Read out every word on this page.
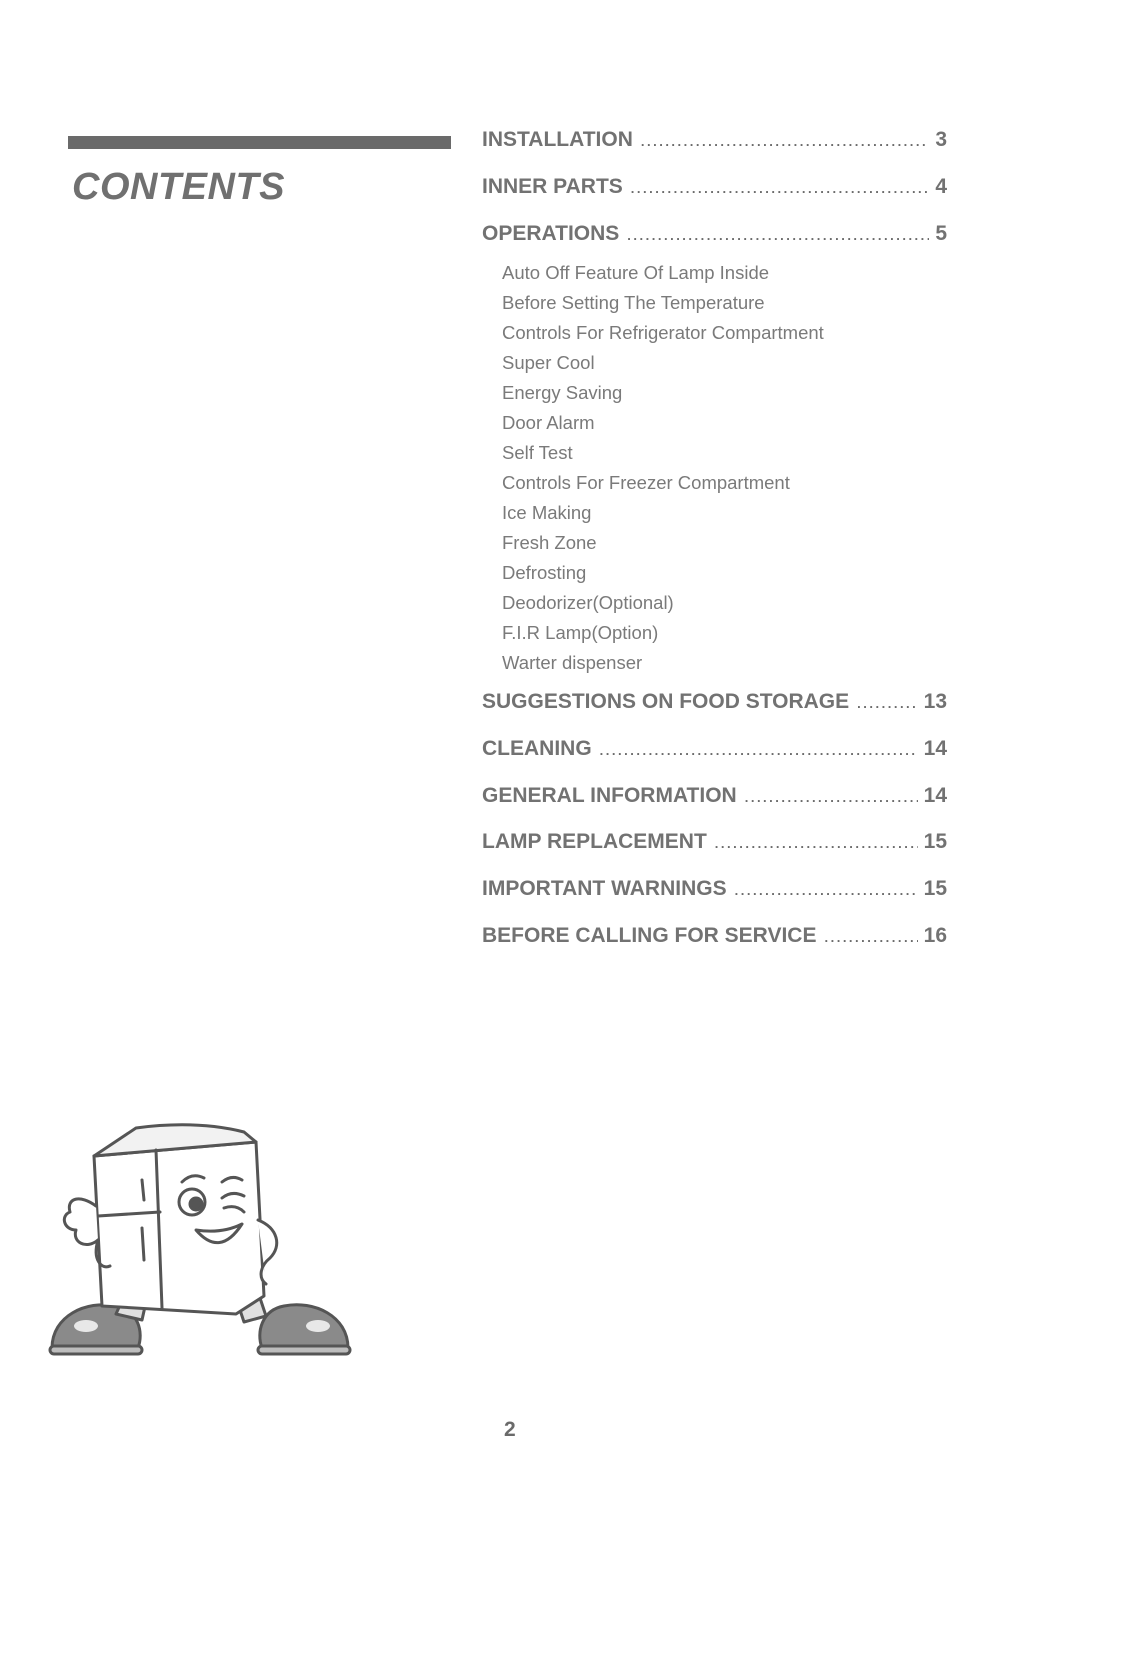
CONTENTS
INSTALLATION .....	3
INNER PARTS .....	4
OPERATIONS .....	5
Auto Off Feature Of Lamp Inside
Before Setting The Temperature
Controls For Refrigerator Compartment
Super Cool
Energy Saving
Door Alarm
Self Test
Controls For Freezer Compartment
Ice Making
Fresh Zone
Defrosting
Deodorizer(Optional)
F.I.R Lamp(Option)
Warter dispenser
SUGGESTIONS ON FOOD STORAGE .....	13
CLEANING .....	14
GENERAL INFORMATION .....	14
LAMP REPLACEMENT .....	15
IMPORTANT WARNINGS .....	15
BEFORE CALLING FOR SERVICE .....	16
2
